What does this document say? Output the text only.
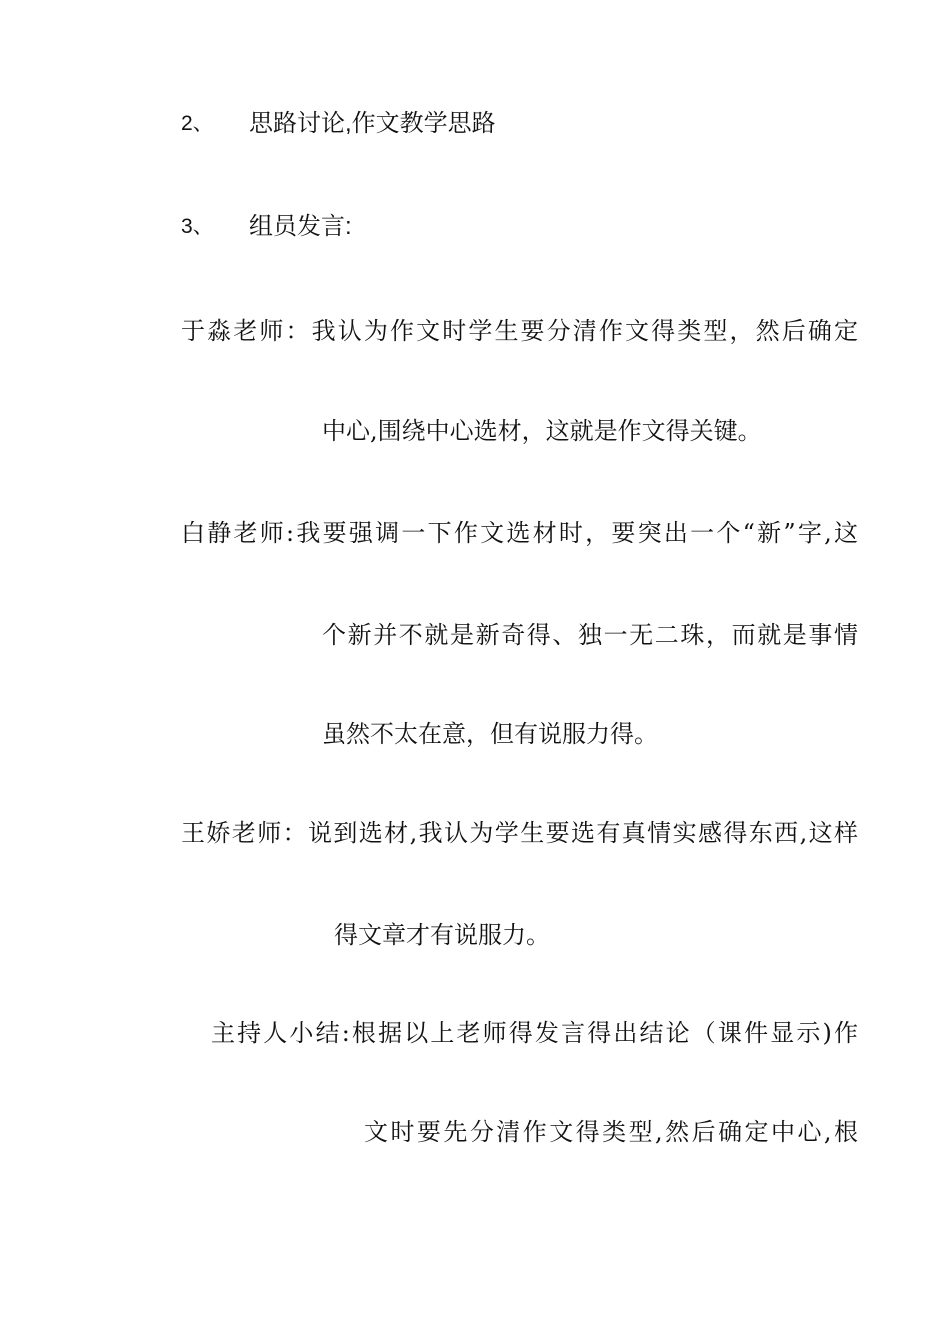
2、 思路讨论,作文教学思路
3、 组员发言:
于淼老师：我认为作文时学生要分清作文得类型，然后确定
中心,围绕中心选材，这就是作文得关键。
白静老师:我要强调一下作文选材时，要突出一个“新”字,这
个新并不就是新奇得、独一无二珠，而就是事情
虽然不太在意，但有说服力得。
王娇老师：说到选材,我认为学生要选有真情实感得东西,这样
得文章才有说服力。
主持人小结:根据以上老师得发言得出结论（课件显示)作
文时要先分清作文得类型,然后确定中心,根
